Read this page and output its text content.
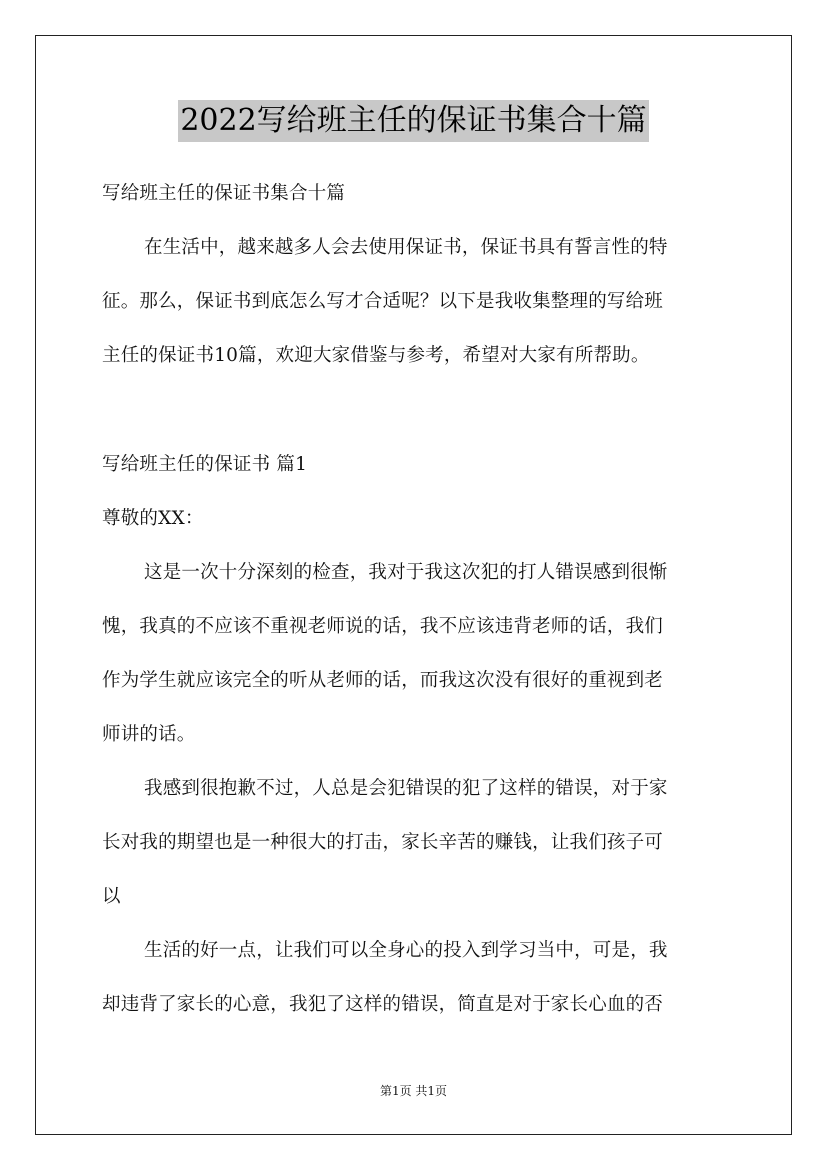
2022写给班主任的保证书集合十篇
写给班主任的保证书集合十篇
在生活中，越来越多人会去使用保证书，保证书具有誓言性的特
征。那么，保证书到底怎么写才合适呢？以下是我收集整理的写给班
主任的保证书10篇，欢迎大家借鉴与参考，希望对大家有所帮助。
写给班主任的保证书 篇1
尊敬的XX：
这是一次十分深刻的检查，我对于我这次犯的打人错误感到很惭
愧，我真的不应该不重视老师说的话，我不应该违背老师的话，我们
作为学生就应该完全的听从老师的话，而我这次没有很好的重视到老
师讲的话。
我感到很抱歉不过，人总是会犯错误的犯了这样的错误，对于家
长对我的期望也是一种很大的打击，家长辛苦的赚钱，让我们孩子可
以
生活的好一点，让我们可以全身心的投入到学习当中，可是，我
却违背了家长的心意，我犯了这样的错误，简直是对于家长心血的否
第1页 共1页
